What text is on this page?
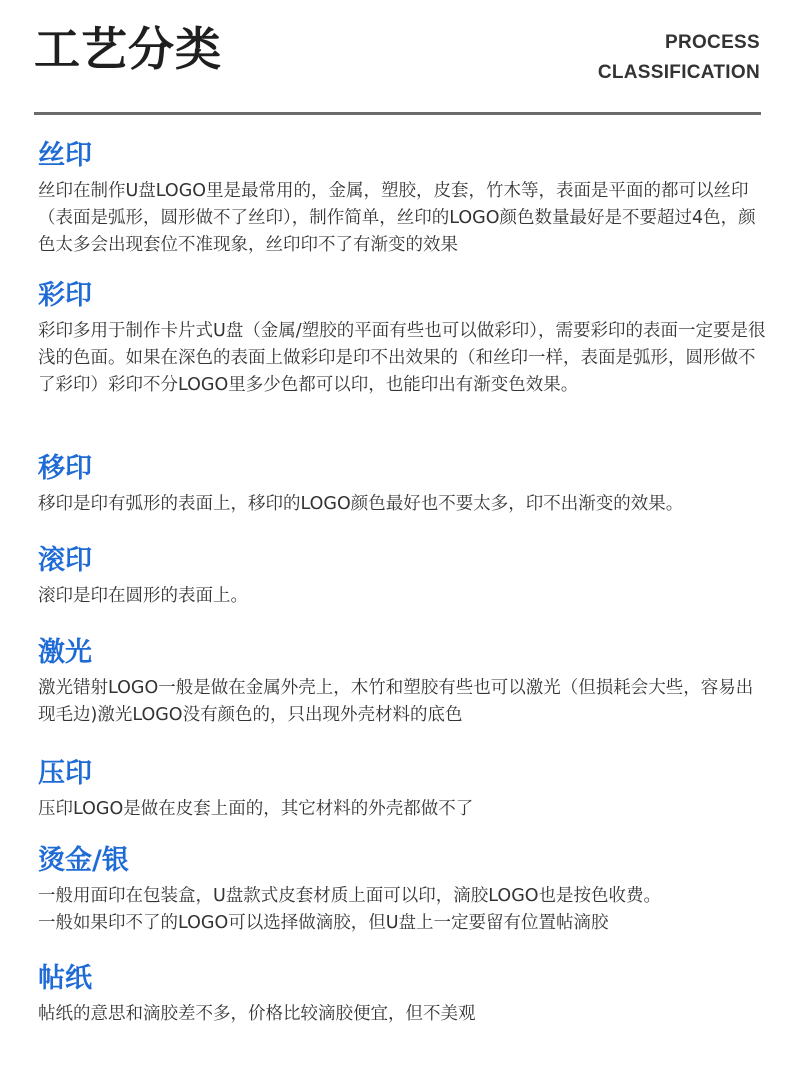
工艺分类	PROCESS
CLASSIFICATION
丝印

丝印在制作U盘LOGO里是最常用的，金属，塑胶，皮套，竹木等，表面是平面的都可以丝印（表面是弧形，圆形做不了丝印），制作简单，丝印的LOGO颜色数量最好是不要超过4色，颜色太多会出现套位不准现象，丝印印不了有渐变的效果

彩印

彩印多用于制作卡片式U盘（金属/塑胶的平面有些也可以做彩印），需要彩印的表面一定要是很浅的色面。如果在深色的表面上做彩印是印不出效果的（和丝印一样，表面是弧形，圆形做不了彩印）彩印不分LOGO里多少色都可以印，也能印出有渐变色效果。

移印

移印是印有弧形的表面上，移印的LOGO颜色最好也不要太多，印不出渐变的效果。

滚印

滚印是印在圆形的表面上。

激光

激光错射LOGO一般是做在金属外壳上，木竹和塑胶有些也可以激光（但损耗会大些，容易出现毛边)激光LOGO没有颜色的，只出现外壳材料的底色

压印

压印LOGO是做在皮套上面的，其它材料的外壳都做不了

烫金/银

一般用面印在包装盒，U盘款式皮套材质上面可以印，滴胶LOGO也是按色收费。
一般如果印不了的LOGO可以选择做滴胶，但U盘上一定要留有位置帖滴胶

帖纸

帖纸的意思和滴胶差不多，价格比较滴胶便宜，但不美观
